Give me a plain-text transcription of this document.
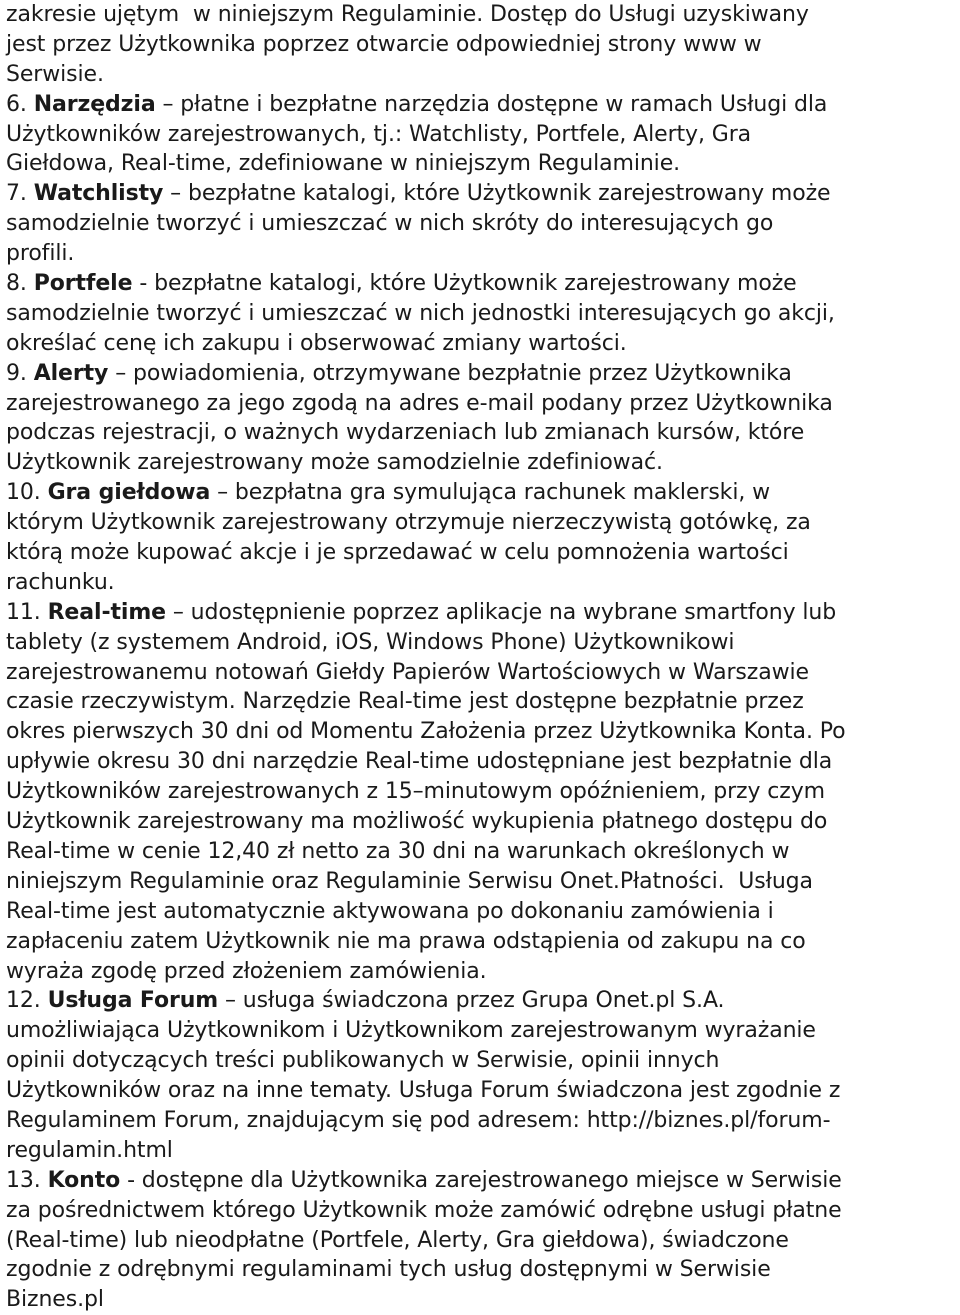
zakresie ujętym  w niniejszym Regulaminie. Dostęp do Usługi uzyskiwany
jest przez Użytkownika poprzez otwarcie odpowiedniej strony www w
Serwisie.
6. Narzędzia – płatne i bezpłatne narzędzia dostępne w ramach Usługi dla
Użytkowników zarejestrowanych, tj.: Watchlisty, Portfele, Alerty, Gra
Giełdowa, Real-time, zdefiniowane w niniejszym Regulaminie.
7. Watchlisty – bezpłatne katalogi, które Użytkownik zarejestrowany może
samodzielnie tworzyć i umieszczać w nich skróty do interesujących go
profili.
8. Portfele - bezpłatne katalogi, które Użytkownik zarejestrowany może
samodzielnie tworzyć i umieszczać w nich jednostki interesujących go akcji,
określać cenę ich zakupu i obserwować zmiany wartości.
9. Alerty – powiadomienia, otrzymywane bezpłatnie przez Użytkownika
zarejestrowanego za jego zgodą na adres e-mail podany przez Użytkownika
podczas rejestracji, o ważnych wydarzeniach lub zmianach kursów, które
Użytkownik zarejestrowany może samodzielnie zdefiniować.
10. Gra giełdowa – bezpłatna gra symulująca rachunek maklerski, w
którym Użytkownik zarejestrowany otrzymuje nierzeczywistą gotówkę, za
którą może kupować akcje i je sprzedawać w celu pomnożenia wartości
rachunku.
11. Real-time – udostępnienie poprzez aplikacje na wybrane smartfony lub
tablety (z systemem Android, iOS, Windows Phone) Użytkownikowi
zarejestrowanemu notowań Giełdy Papierów Wartościowych w Warszawie
czasie rzeczywistym. Narzędzie Real-time jest dostępne bezpłatnie przez
okres pierwszych 30 dni od Momentu Założenia przez Użytkownika Konta. Po
upływie okresu 30 dni narzędzie Real-time udostępniane jest bezpłatnie dla
Użytkowników zarejestrowanych z 15–minutowym opóźnieniem, przy czym
Użytkownik zarejestrowany ma możliwość wykupienia płatnego dostępu do
Real-time w cenie 12,40 zł netto za 30 dni na warunkach określonych w
niniejszym Regulaminie oraz Regulaminie Serwisu Onet.Płatności.  Usługa
Real-time jest automatycznie aktywowana po dokonaniu zamówienia i
zapłaceniu zatem Użytkownik nie ma prawa odstąpienia od zakupu na co
wyraża zgodę przed złożeniem zamówienia.
12. Usługa Forum – usługa świadczona przez Grupa Onet.pl S.A.
umożliwiająca Użytkownikom i Użytkownikom zarejestrowanym wyrażanie
opinii dotyczących treści publikowanych w Serwisie, opinii innych
Użytkowników oraz na inne tematy. Usługa Forum świadczona jest zgodnie z
Regulaminem Forum, znajdującym się pod adresem: http://biznes.pl/forum-
regulamin.html
13. Konto - dostępne dla Użytkownika zarejestrowanego miejsce w Serwisie
za pośrednictwem którego Użytkownik może zamówić odrębne usługi płatne
(Real-time) lub nieodpłatne (Portfele, Alerty, Gra giełdowa), świadczone
zgodnie z odrębnymi regulaminami tych usług dostępnymi w Serwisie
Biznes.pl
